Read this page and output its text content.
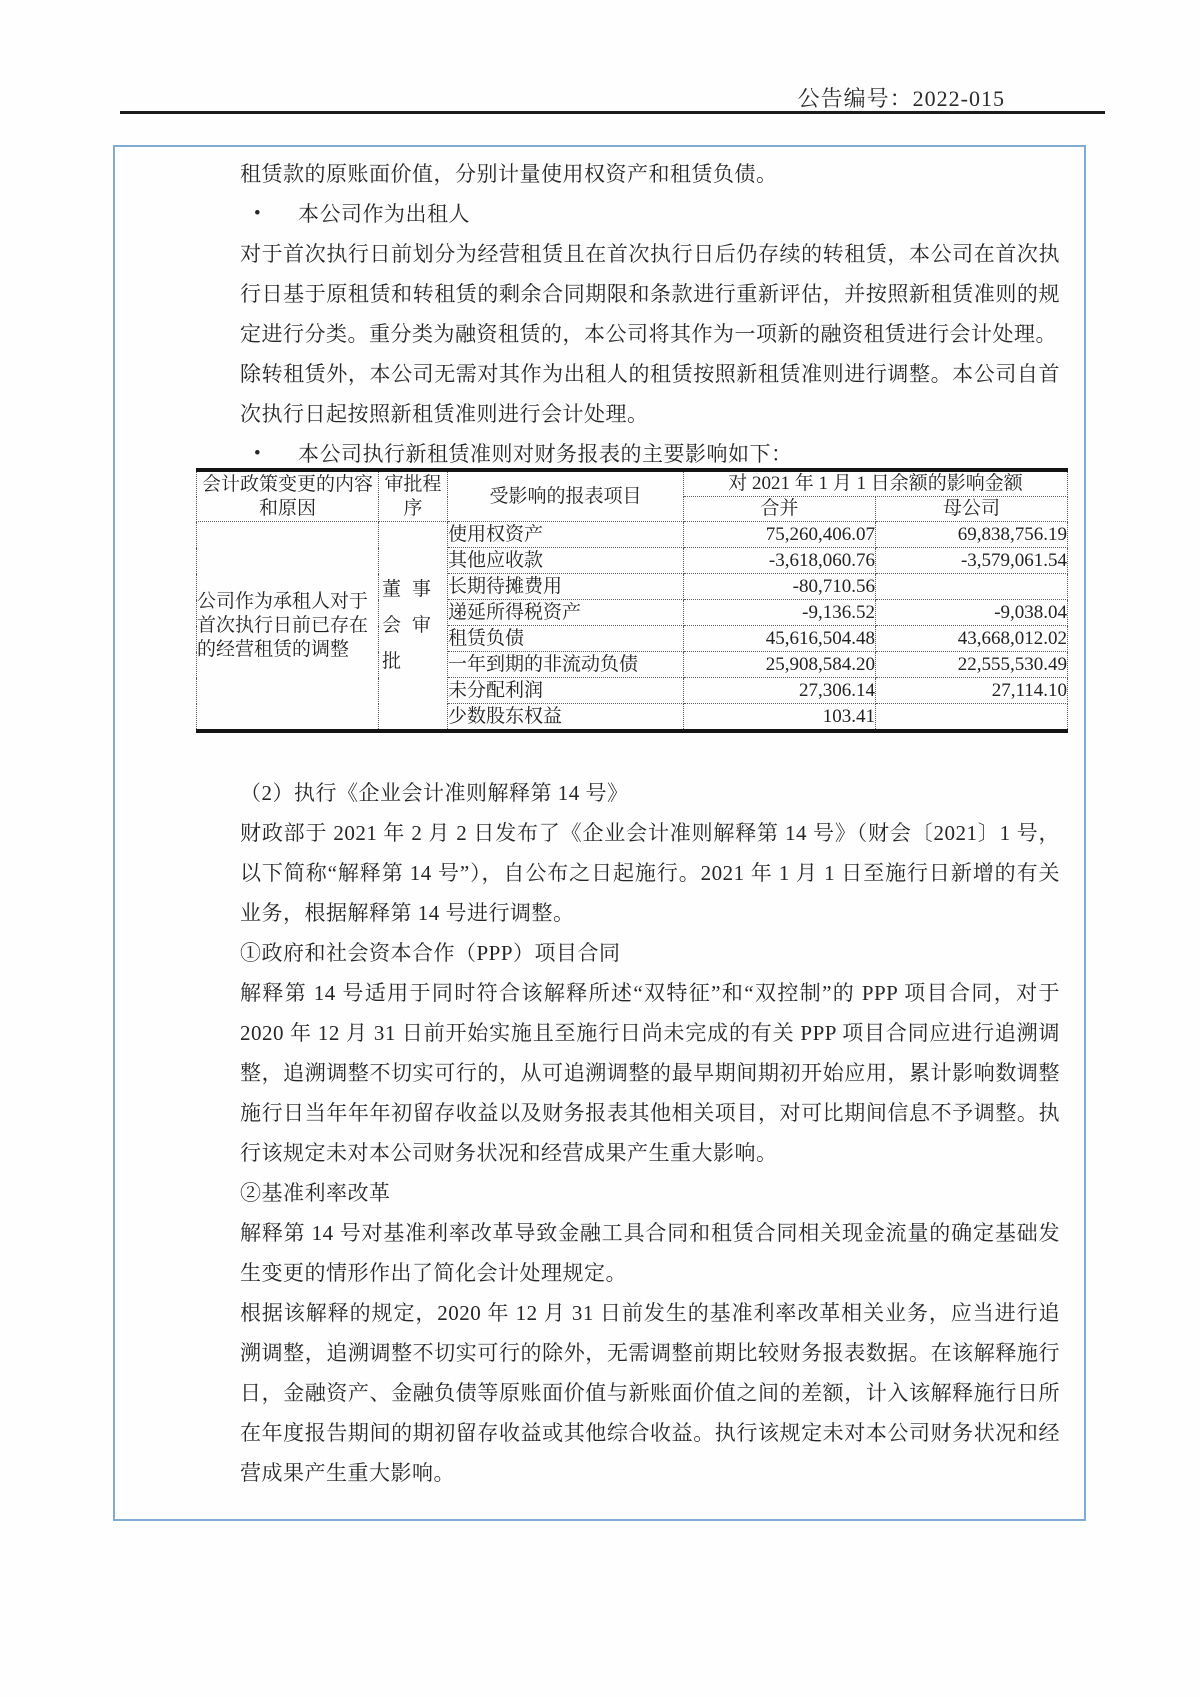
公告编号：2022-015

租赁款的原账面价值，分别计量使用权资产和租赁负债。

•	本公司作为出租人

对于首次执行日前划分为经营租赁且在首次执行日后仍存续的转租赁，本公司在首次执行日基于原租赁和转租赁的剩余合同期限和条款进行重新评估，并按照新租赁准则的规定进行分类。重分类为融资租赁的，本公司将其作为一项新的融资租赁进行会计处理。

除转租赁外，本公司无需对其作为出租人的租赁按照新租赁准则进行调整。本公司自首次执行日起按照新租赁准则进行会计处理。

•	本公司执行新租赁准则对财务报表的主要影响如下：
会计政策变更的内容和原因	审批程序	受影响的报表项目	对 2021 年 1 月 1 日余额的影响金额	
			合并	母公司
公司作为承租人对于首次执行日前已存在的经营租赁的调整	董事会审批	使用权资产	75,260,406.07	69,838,756.19
		其他应收款	-3,618,060.76	-3,579,061.54
		长期待摊费用	-80,710.56	
		递延所得税资产	-9,136.52	-9,038.04
		租赁负债	45,616,504.48	43,668,012.02
		一年到期的非流动负债	25,908,584.20	22,555,530.49
		未分配利润	27,306.14	27,114.10
		少数股东权益	103.41	

（2）执行《企业会计准则解释第 14 号》

财政部于 2021 年 2 月 2 日发布了《企业会计准则解释第 14 号》（财会〔2021〕1 号，以下简称“解释第 14 号”），自公布之日起施行。2021 年 1 月 1 日至施行日新增的有关业务，根据解释第 14 号进行调整。

①政府和社会资本合作（PPP）项目合同

解释第 14 号适用于同时符合该解释所述“双特征”和“双控制”的 PPP 项目合同，对于 2020 年 12 月 31 日前开始实施且至施行日尚未完成的有关 PPP 项目合同应进行追溯调整，追溯调整不切实可行的，从可追溯调整的最早期间期初开始应用，累计影响数调整施行日当年年年初留存收益以及财务报表其他相关项目，对可比期间信息不予调整。执行该规定未对本公司财务状况和经营成果产生重大影响。

②基准利率改革

解释第 14 号对基准利率改革导致金融工具合同和租赁合同相关现金流量的确定基础发生变更的情形作出了简化会计处理规定。

根据该解释的规定，2020 年 12 月 31 日前发生的基准利率改革相关业务，应当进行追溯调整，追溯调整不切实可行的除外，无需调整前期比较财务报表数据。在该解释施行日，金融资产、金融负债等原账面价值与新账面价值之间的差额，计入该解释施行日所在年度报告期间的期初留存收益或其他综合收益。执行该规定未对本公司财务状况和经营成果产生重大影响。
